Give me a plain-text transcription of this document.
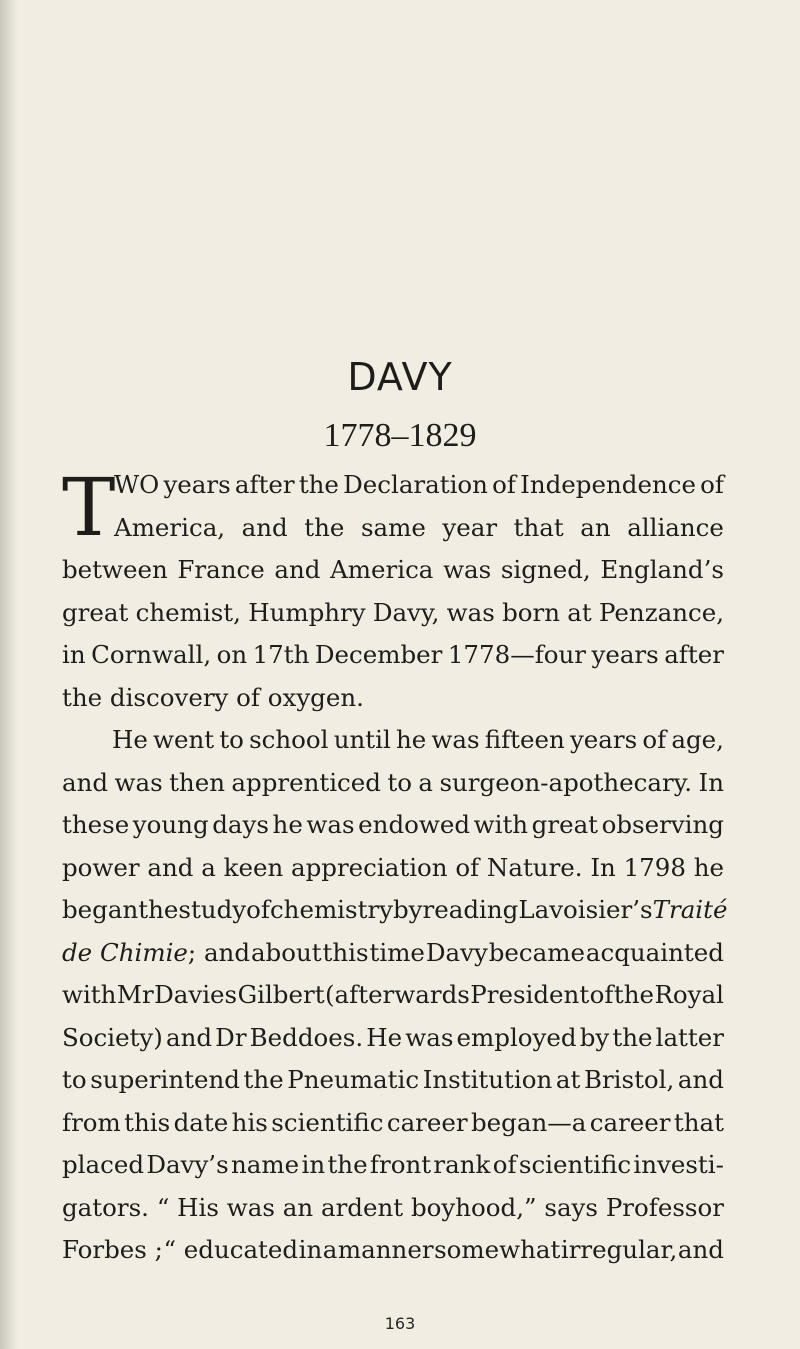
DAVY
1778–1829
T
WO years after the Declaration of Independence of
America, and the same year that an alliance
between France and America was signed, England’s
great chemist, Humphry Davy, was born at Penzance,
in Cornwall, on 17th December 1778—four years after
the discovery of oxygen.
He went to school until he was fifteen years of age,
and was then apprenticed to a surgeon-apothecary. In
these young days he was endowed with great observing
power and a keen appreciation of Nature. In 1798 he
began the study of chemistry by reading Lavoisier’s Traité
de Chimie; and about this time Davy became acquainted
with Mr Davies Gilbert (afterwards President of the Royal
Society) and Dr Beddoes. He was employed by the latter
to superintend the Pneumatic Institution at Bristol, and
from this date his scientific career began—a career that
placed Davy’s name in the front rank of scientific investi-
gators. “ His was an ardent boyhood,” says Professor
Forbes ; “ educated in a manner somewhat irregular, and
163
